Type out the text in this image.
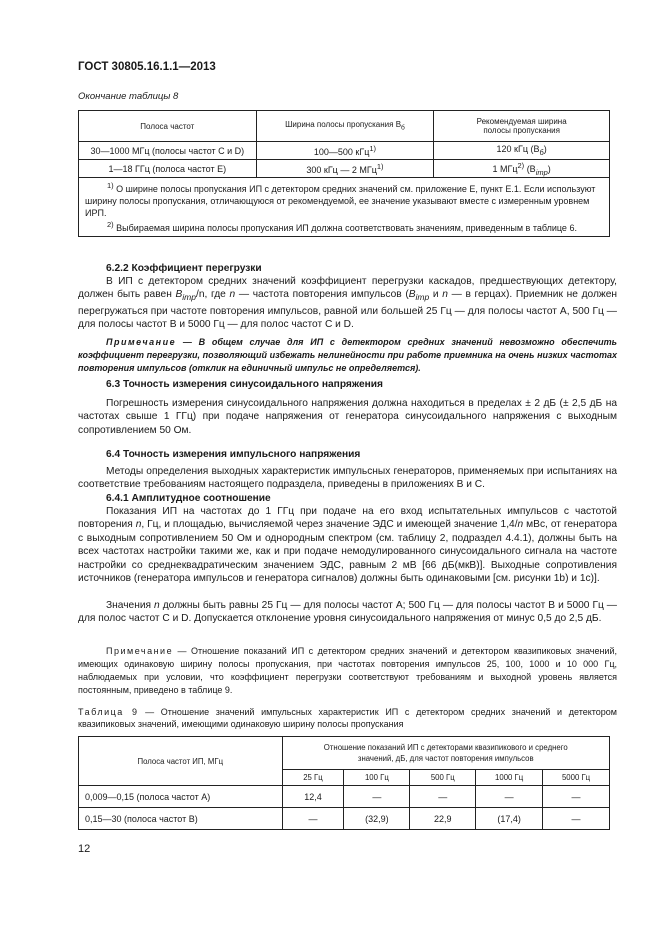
ГОСТ 30805.16.1.1—2013
Окончание таблицы 8
Полоса частот	Ширина полосы пропускания $B_б$	Рекомендуемая ширина
полосы пропускания
30—1000 МГц (полосы частот С и D)	100—500 кГц$^{1)}$	120 кГц $(B_б)$
1—18 ГГц (полоса частот E)	300 кГц — 2 МГц$^{1)}$	1 МГц$^{2)}$ $(B_{imp})$

$^{1)}$ О ширине полосы пропускания ИП с детектором средних значений см. приложение Е, пункт Е.1. Если используют ширину полосы пропускания, отличающуюся от рекомендуемой, ее значение указывают вместе с измеренным уровнем ИРП.
$^{2)}$ Выбираемая ширина полосы пропускания ИП должна соответствовать значениям, приведенным в таблице 6.		
6.2.2 Коэффициент перегрузки
В ИП с детектором средних значений коэффициент перегрузки каскадов, предшествующих детектору, должен быть равен $B_{imp}/n$, где n — частота повторения импульсов ($B_{imp}$ и n — в герцах). Приемник не должен перегружаться при частоте повторения импульсов, равной или большей 25 Гц — для полосы частот А, 500 Гц — для полосы частот В и 5000 Гц — для полос частот С и D.
Примечание — В общем случае для ИП с детектором средних значений невозможно обеспечить коэффициент перегрузки, позволяющий избежать нелинейности при работе приемника на очень низких частотах повторения импульсов (отклик на единичный импульс не определяется).
6.3 Точность измерения синусоидального напряжения
Погрешность измерения синусоидального напряжения должна находиться в пределах ± 2 дБ (± 2,5 дБ на частотах свыше 1 ГГц) при подаче напряжения от генератора синусоидального напряжения с выходным сопротивлением 50 Ом.
6.4 Точность измерения импульсного напряжения
Методы определения выходных характеристик импульсных генераторов, применяемых при испытаниях на соответствие требованиям настоящего подраздела, приведены в приложениях В и С.
6.4.1 Амплитудное соотношение
Показания ИП на частотах до 1 ГГц при подаче на его вход испытательных импульсов с частотой повторения n, Гц, и площадью, вычисляемой через значение ЭДС и имеющей значение 1,4/n мВс, от генератора с выходным сопротивлением 50 Ом и однородным спектром (см. таблицу 2, подраздел 4.4.1), должны быть на всех частотах настройки такими же, как и при подаче немодулированного синусоидального сигнала на частоте настройки со среднеквадратическим значением ЭДС, равным 2 мВ [66 дБ(мкВ)]. Выходные сопротивления источников (генератора импульсов и генератора сигналов) должны быть одинаковыми [см. рисунки 1b) и 1c)].
Значения n должны быть равны 25 Гц — для полосы частот А; 500 Гц — для полосы частот В и 5000 Гц — для полос частот С и D. Допускается отклонение уровня синусоидального напряжения от минус 0,5 до 2,5 дБ.
Примечание — Отношение показаний ИП с детектором средних значений и детектором квазипиковых значений, имеющих одинаковую ширину полосы пропускания, при частотах повторения импульсов 25, 100, 1000 и 10 000 Гц, наблюдаемых при условии, что коэффициент перегрузки соответствуют требованиям и выходной уровень является постоянным, приведено в таблице 9.
Таблица 9 — Отношение значений импульсных характеристик ИП с детектором средних значений и детектором квазипиковых значений, имеющими одинаковую ширину полосы пропускания
Полоса частот ИП, МГц	Отношение показаний ИП с детекторами квазипикового и среднего значений, дБ, для частот повторения импульсов				
	25 Гц	100 Гц	500 Гц	1000 Гц	5000 Гц
0,009—0,15 (полоса частот А)	12,4	—	—	—	—
0,15—30 (полоса частот В)	—	(32,9)	22,9	(17,4)	—
12
